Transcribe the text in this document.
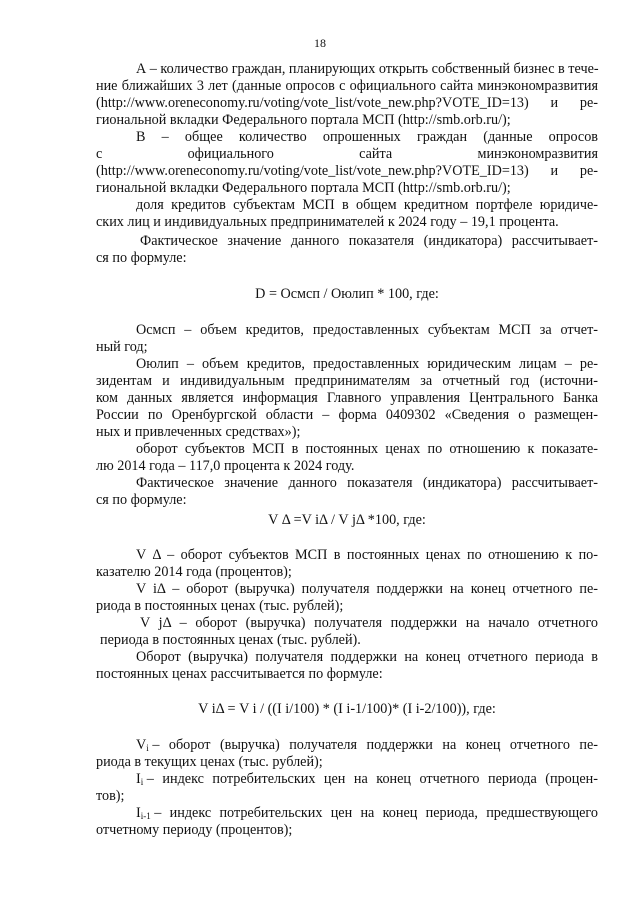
18
А – количество граждан, планирующих открыть собственный бизнес в тече-
ние ближайших 3 лет (данные опросов с официального сайта минэкономразвития
(http://www.oreneconomy.ru/voting/vote_list/vote_new.php?VOTE_ID=13) и ре-
гиональной вкладки Федерального портала МСП (http://smb.orb.ru/);
В – общее количество опрошенных граждан (данные опросов
с официального сайта минэкономразвития
(http://www.oreneconomy.ru/voting/vote_list/vote_new.php?VOTE_ID=13) и ре-
гиональной вкладки Федерального портала МСП (http://smb.orb.ru/);
доля кредитов субъектам МСП в общем кредитном портфеле юридиче-
ских лиц и индивидуальных предпринимателей к 2024 году – 19,1 процента.
Фактическое значение данного показателя (индикатора) рассчитывает-
ся по формуле:
D = Осмсп / Оюлип * 100, где:
Осмсп – объем кредитов, предоставленных субъектам МСП за отчет-
ный год;
Оюлип – объем кредитов, предоставленных юридическим лицам – ре-
зидентам и индивидуальным предпринимателям за отчетный год (источни-
ком данных является информация Главного управления Центрального Банка
России по Оренбургской области – форма 0409302 «Сведения о размещен-
ных и привлеченных средствах»);
оборот субъектов МСП в постоянных ценах по отношению к показате-
лю 2014 года – 117,0 процента к 2024 году.
Фактическое значение данного показателя (индикатора) рассчитывает-
ся по формуле:
V Δ =V iΔ / V jΔ *100, где:
V Δ – оборот субъектов МСП в постоянных ценах по отношению к по-
казателю 2014 года (процентов);
V iΔ – оборот (выручка) получателя поддержки на конец отчетного пе-
риода в постоянных ценах (тыс. рублей);
V jΔ – оборот (выручка) получателя поддержки на начало отчетного
периода в постоянных ценах (тыс. рублей).
Оборот (выручка) получателя поддержки на конец отчетного периода в
постоянных ценах рассчитывается по формуле:
V iΔ = V i / ((I i/100) * (I i-1/100)* (I i-2/100)), где:
$V_i$ – оборот (выручка) получателя поддержки на конец отчетного пе-
риода в текущих ценах (тыс. рублей);
$I_i$ – индекс потребительских цен на конец отчетного периода (процен-
тов);
$I_{i-1}$ – индекс потребительских цен на конец периода, предшествующего
отчетному периоду (процентов);
